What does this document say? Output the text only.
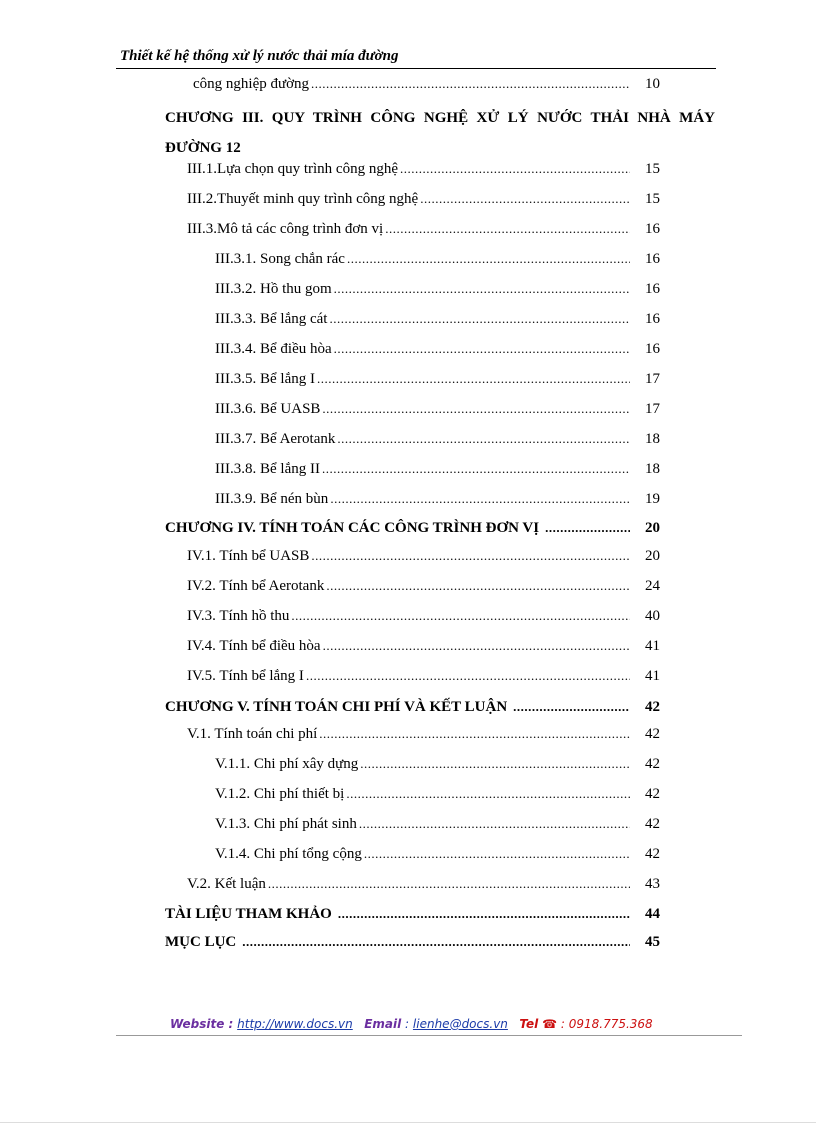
Thiết kế hệ thống xử lý nước thải mía đường
công nghiệp đường .....	10
CHƯƠNG III. QUY TRÌNH CÔNG NGHỆ XỬ LÝ NƯỚC THẢI NHÀ MÁY ĐƯỜNG 12
III.1.Lựa chọn quy trình công nghệ .....	15
III.2.Thuyết minh quy trình công nghệ .....	15
III.3.Mô tả các công trình đơn vị .....	16
III.3.1. Song chắn rác .....	16
III.3.2. Hồ thu gom .....	16
III.3.3. Bể lắng cát .....	16
III.3.4. Bể điều hòa .....	16
III.3.5. Bể lắng I .....	17
III.3.6. Bể UASB .....	17
III.3.7. Bể Aerotank .....	18
III.3.8. Bể lắng II .....	18
III.3.9. Bể nén bùn .....	19
CHƯƠNG IV. TÍNH TOÁN CÁC CÔNG TRÌNH ĐƠN VỊ .....	20
IV.1. Tính bể UASB .....	20
IV.2. Tính bể Aerotank .....	24
IV.3. Tính hồ thu .....	40
IV.4. Tính bể điều hòa .....	41
IV.5. Tính bể lắng I .....	41
CHƯƠNG V. TÍNH TOÁN CHI PHÍ VÀ KẾT LUẬN .....	42
V.1. Tính toán chi phí .....	42
V.1.1. Chi phí xây dựng .....	42
V.1.2. Chi phí thiết bị .....	42
V.1.3. Chi phí phát sinh .....	42
V.1.4. Chi phí tổng cộng .....	42
V.2. Kết luận .....	43
TÀI LIỆU THAM KHẢO .....	44
MỤC LỤC .....	45
Website : http://www.docs.vn Email : lienhe@docs.vn Tel ☎ : 0918.775.368
